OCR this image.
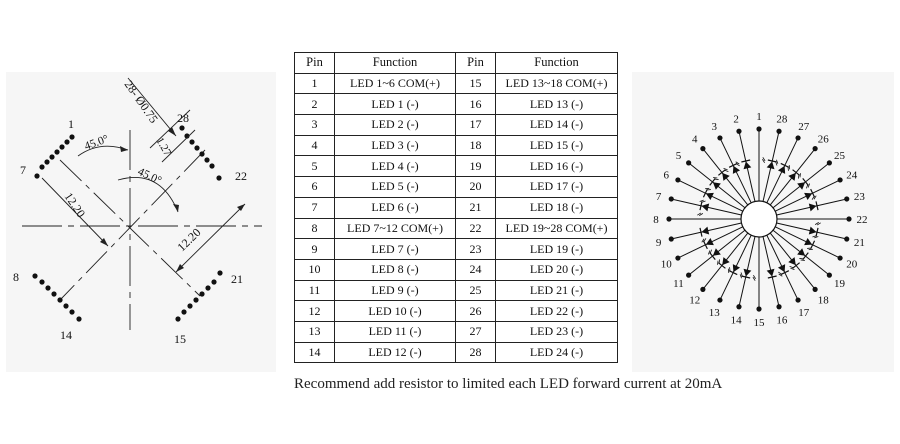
28- Ø0.75
1.27
45.0°
45.0°
12.20
12.20
1
7
28
22
8
14
21
15
Pin	Function	Pin	Function
1	LED 1~6 COM(+)	15	LED 13~18 COM(+)
2	LED 1 (-)	16	LED 13 (-)
3	LED 2 (-)	17	LED 14 (-)
4	LED 3 (-)	18	LED 15 (-)
5	LED 4 (-)	19	LED 16 (-)
6	LED 5 (-)	20	LED 17 (-)
7	LED 6 (-)	21	LED 18 (-)
8	LED 7~12 COM(+)	22	LED 19~28 COM(+)
9	LED 7 (-)	23	LED 19 (-)
10	LED 8 (-)	24	LED 20 (-)
11	LED 9 (-)	25	LED 21 (-)
12	LED 10 (-)	26	LED 22 (-)
13	LED 11 (-)	27	LED 23 (-)
14	LED 12 (-)	28	LED 24 (-)
1 28
27
26
25
24
23
22
21
20
19
18
17
16
15
14
13
12
11
10
9
8
7
6
5
4
3
2
Recommend add resistor to limited each LED forward current at 20mA
